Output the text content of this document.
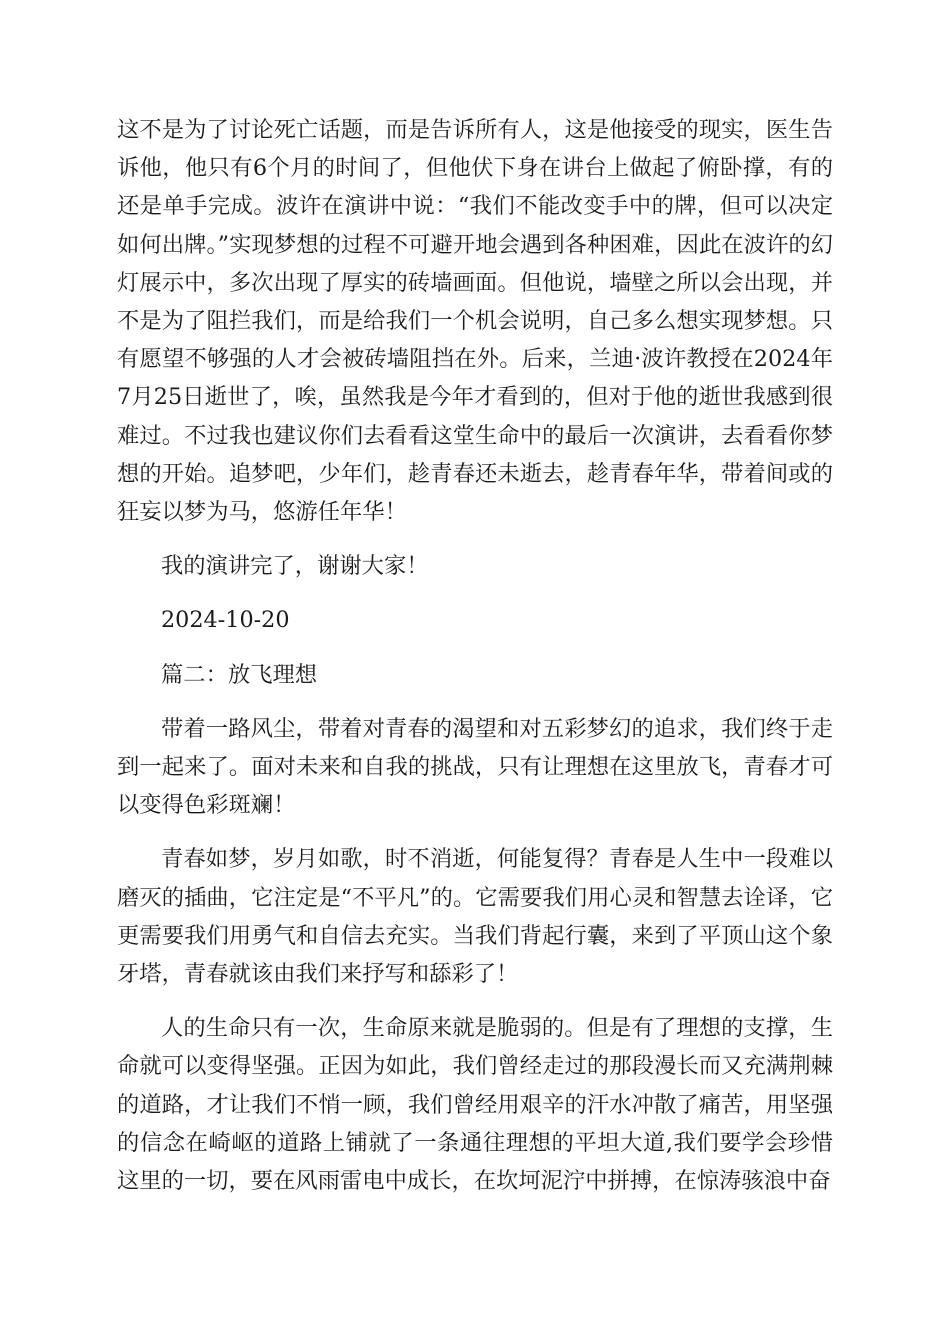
这不是为了讨论死亡话题，而是告诉所有人，这是他接受的现实，医生告诉他，他只有6个月的时间了，但他伏下身在讲台上做起了俯卧撑，有的还是单手完成。波许在演讲中说：“我们不能改变手中的牌，但可以决定如何出牌。”实现梦想的过程不可避开地会遇到各种困难，因此在波许的幻灯展示中，多次出现了厚实的砖墙画面。但他说，墙壁之所以会出现，并不是为了阻拦我们，而是给我们一个机会说明，自己多么想实现梦想。只有愿望不够强的人才会被砖墙阻挡在外。后来，兰迪·波许教授在2024年7月25日逝世了，唉，虽然我是今年才看到的，但对于他的逝世我感到很难过。不过我也建议你们去看看这堂生命中的最后一次演讲，去看看你梦想的开始。追梦吧，少年们，趁青春还未逝去，趁青春年华，带着间或的狂妄以梦为马，悠游任年华！

我的演讲完了，谢谢大家！

2024-10-20

篇二：放飞理想

带着一路风尘，带着对青春的渴望和对五彩梦幻的追求，我们终于走到一起来了。面对未来和自我的挑战，只有让理想在这里放飞，青春才可以变得色彩斑斓！

青春如梦，岁月如歌，时不消逝，何能复得？青春是人生中一段难以磨灭的插曲，它注定是“不平凡”的。它需要我们用心灵和智慧去诠译，它更需要我们用勇气和自信去充实。当我们背起行囊，来到了平顶山这个象牙塔，青春就该由我们来抒写和舔彩了！

人的生命只有一次，生命原来就是脆弱的。但是有了理想的支撑，生命就可以变得坚强。正因为如此，我们曾经走过的那段漫长而又充满荆棘的道路，才让我们不悄一顾，我们曾经用艰辛的汗水冲散了痛苦，用坚强的信念在崎岖的道路上铺就了一条通往理想的平坦大道,我们要学会珍惜这里的一切，要在风雨雷电中成长，在坎坷泥泞中拼搏，在惊涛骇浪中奋
